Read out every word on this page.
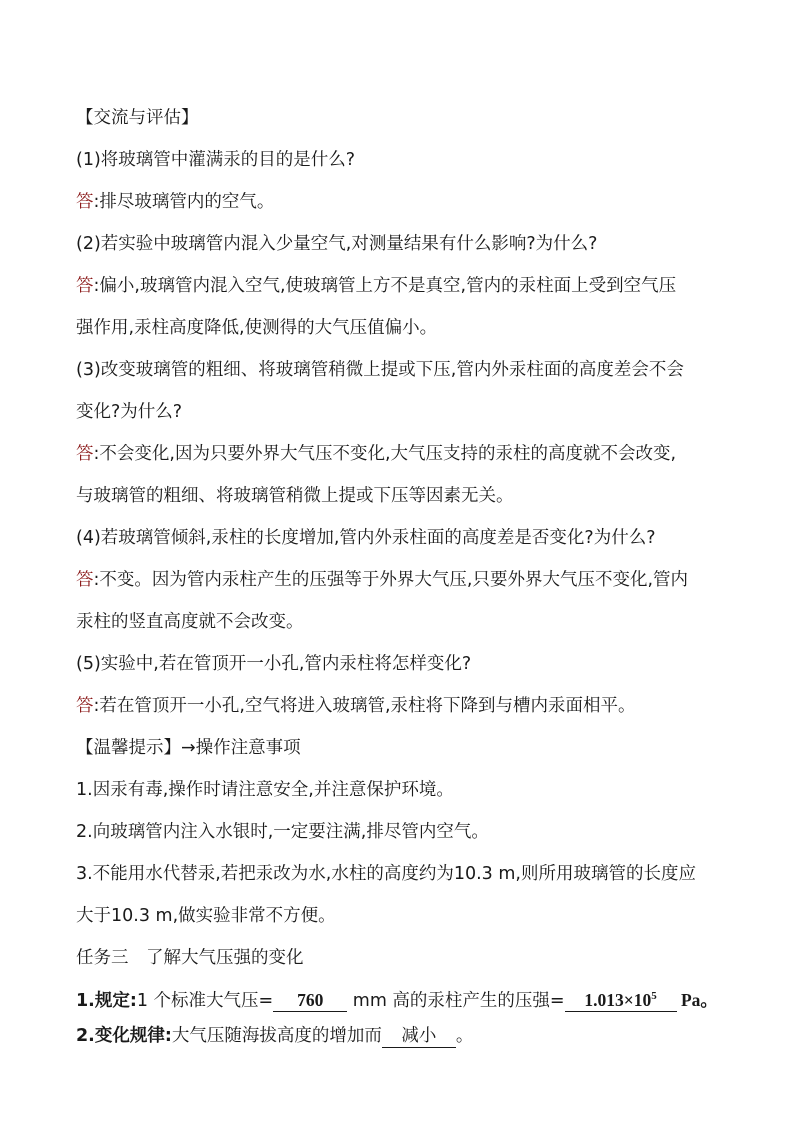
【交流与评估】
(1)将玻璃管中灌满汞的目的是什么?
答:排尽玻璃管内的空气。
(2)若实验中玻璃管内混入少量空气,对测量结果有什么影响?为什么?
答:偏小,玻璃管内混入空气,使玻璃管上方不是真空,管内的汞柱面上受到空气压
强作用,汞柱高度降低,使测得的大气压值偏小。
(3)改变玻璃管的粗细、将玻璃管稍微上提或下压,管内外汞柱面的高度差会不会
变化?为什么?
答:不会变化,因为只要外界大气压不变化,大气压支持的汞柱的高度就不会改变,
与玻璃管的粗细、将玻璃管稍微上提或下压等因素无关。
(4)若玻璃管倾斜,汞柱的长度增加,管内外汞柱面的高度差是否变化?为什么?
答:不变。因为管内汞柱产生的压强等于外界大气压,只要外界大气压不变化,管内
汞柱的竖直高度就不会改变。
(5)实验中,若在管顶开一小孔,管内汞柱将怎样变化?
答:若在管顶开一小孔,空气将进入玻璃管,汞柱将下降到与槽内汞面相平。
【温馨提示】→操作注意事项
1.因汞有毒,操作时请注意安全,并注意保护环境。
2.向玻璃管内注入水银时,一定要注满,排尽管内空气。
3.不能用水代替汞,若把汞改为水,水柱的高度约为10.3 m,则所用玻璃管的长度应
大于10.3 m,做实验非常不方便。
任务三　了解大气压强的变化
1.规定:1 个标准大气压= 760 mm 高的汞柱产生的压强= $1.013\times 10^5$ Pa。
2.变化规律:大气压随海拔高度的增加而 减小 。
